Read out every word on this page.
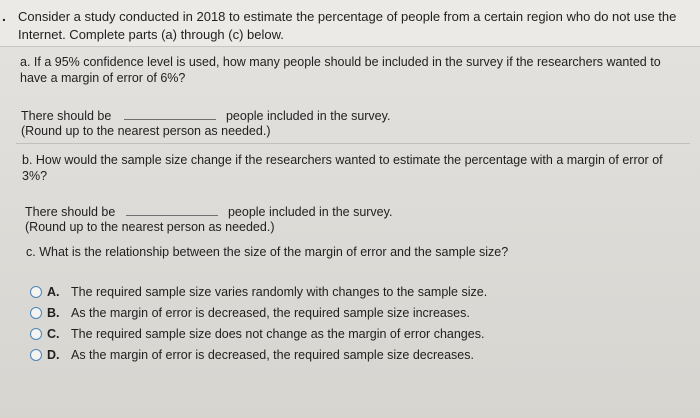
. Consider a study conducted in 2018 to estimate the percentage of people from a certain region who do not use the Internet. Complete parts (a) through (c) below.
a. If a 95% confidence level is used, how many people should be included in the survey if the researchers wanted to have a margin of error of 6%?
There should be	people included in the survey.
(Round up to the nearest person as needed.)
b. How would the sample size change if the researchers wanted to estimate the percentage with a margin of error of 3%?
There should be	people included in the survey.
(Round up to the nearest person as needed.)
c. What is the relationship between the size of the margin of error and the sample size?
A. The required sample size varies randomly with changes to the sample size.
B. As the margin of error is decreased, the required sample size increases.
C. The required sample size does not change as the margin of error changes.
D. As the margin of error is decreased, the required sample size decreases.
